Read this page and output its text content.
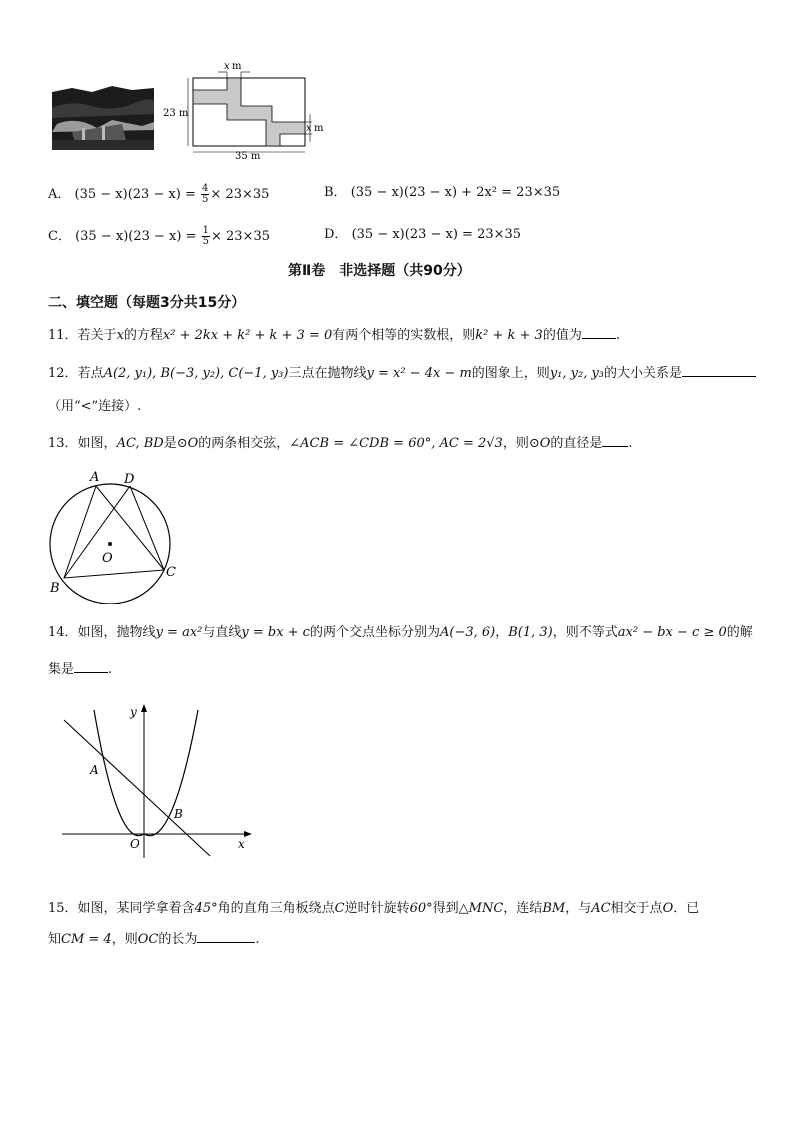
x m
23 m
35 m
x m
A． $(35 - x)(23 - x) = \frac{4}{5} \times 23\times 35$	B． (35 − x)(23 − x) + 2x² = 23×35
C． $(35 - x)(23 - x) = \frac{1}{5} \times 23\times 35$	D． (35 − x)(23 − x) = 23×35
第Ⅱ卷　非选择题（共90分）
二、填空题（每题3分共15分）
11．若关于x的方程x² + 2kx + k² + k + 3 = 0有两个相等的实数根，则k² + k + 3的值为	.
12．若点A(2, y₁), B(−3, y₂), C(−1, y₃)三点在抛物线y = x² − 4x − m的图象上，则y₁, y₂, y₃的大小关系是
（用“<”连接）.
13．如图，AC, BD是⊙O的两条相交弦，∠ACB = ∠CDB = 60°, AC = 2√3，则⊙O的直径是 .
A D
O
B
C
14．如图，抛物线y = ax²与直线y = bx + c的两个交点坐标分别为A(−3, 6)，B(1, 3)，则不等式ax² − bx − c ≥ 0的解
集是	.
y
x
O
A
B
15．如图，某同学拿着含45°角的直角三角板绕点C逆时针旋转60°得到△MNC，连结BM，与AC相交于点O．已
知CM = 4，则OC的长为	.
